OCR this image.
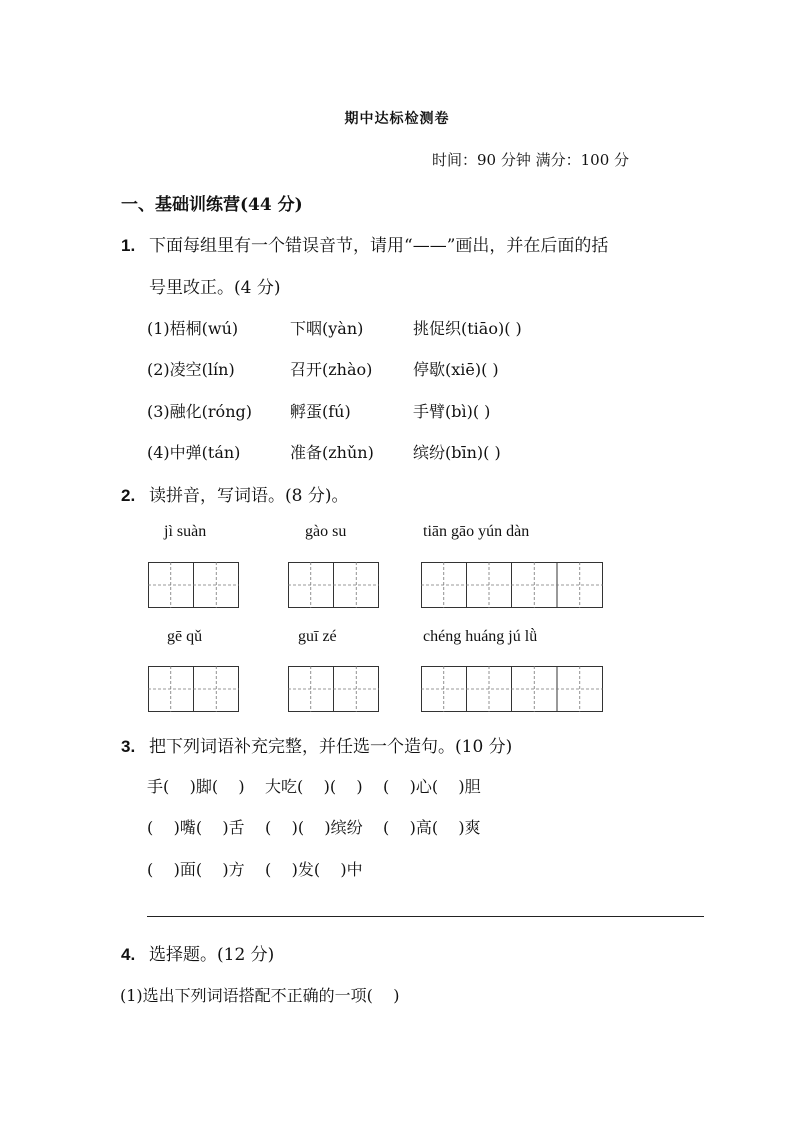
期中达标检测卷
时间：90 分钟 满分：100 分
一、基础训练营(44 分)
1. 下面每组里有一个错误音节，请用“——”画出，并在后面的括
号里改正。(4 分)
(1)梧桐(wú)	下咽(yàn)	挑促织(tiāo)( )
(2)凌空(lín)	召开(zhào)	停歇(xiē)( )
(3)融化(róng) 孵蛋(fú)	手臂(bì)( )
(4)中弹(tán)	准备(zhǔn) 缤纷(bīn)( )
2. 读拼音，写词语。(8 分)。
jì suàn	gào su	tiān gāo yún dàn
gē qǔ	guī zé	chéng huáng jú lǜ
3. 把下列词语补充完整，并任选一个造句。(10 分)
手(    )脚(    )    大吃(    )(    )    (    )心(    )胆
(    )嘴(    )舌    (    )(    )缤纷    (    )高(    )爽
(    )面(    )方    (    )发(    )中
4. 选择题。(12 分)
(1)选出下列词语搭配不正确的一项(    )
